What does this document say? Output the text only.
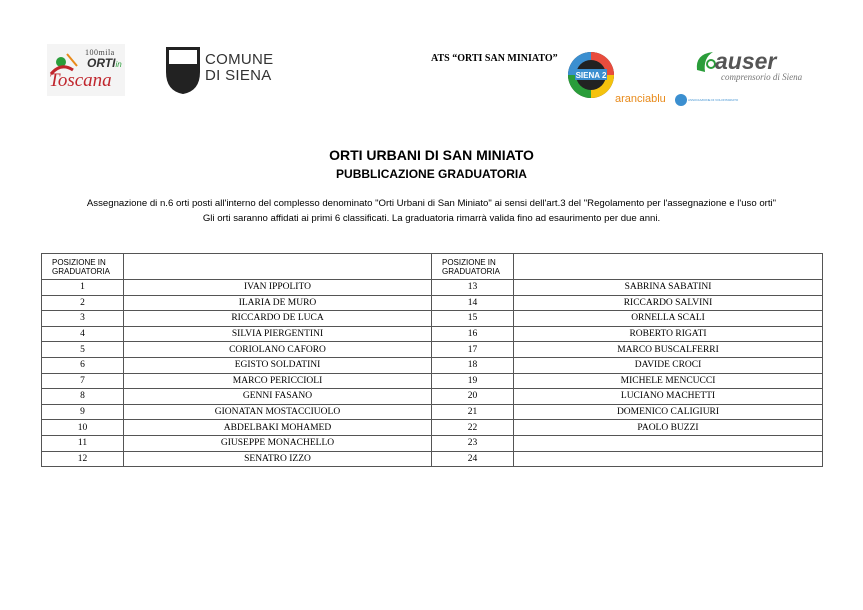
100mila
ORTIin
Toscana
COMUNE
DI SIENA
ATS “ORTI SAN MINIATO”
SIENA 2
auser
comprensorio di Siena
aranciablu	ASSOCIAZIONE DI VOLONTARIATO
ORTI URBANI DI SAN MINIATO
PUBBLICAZIONE GRADUATORIA
Assegnazione di n.6 orti posti all'interno del complesso denominato "Orti Urbani di San Miniato" ai sensi dell'art.3 del "Regolamento per l'assegnazione e l'uso orti"
Gli orti saranno affidati ai primi 6 classificati. La graduatoria rimarrà valida fino ad esaurimento per due anni.
POSIZIONE IN GRADUATORIA		POSIZIONE IN GRADUATORIA	
1	IVAN IPPOLITO	13	SABRINA SABATINI
2	ILARIA DE MURO	14	RICCARDO SALVINI
3	RICCARDO DE LUCA	15	ORNELLA SCALI
4	SILVIA PIERGENTINI	16	ROBERTO RIGATI
5	CORIOLANO CAFORO	17	MARCO BUSCALFERRI
6	EGISTO SOLDATINI	18	DAVIDE CROCI
7	MARCO PERICCIOLI	19	MICHELE MENCUCCI
8	GENNI FASANO	20	LUCIANO MACHETTI
9	GIONATAN MOSTACCIUOLO	21	DOMENICO CALIGIURI
10	ABDELBAKI MOHAMED	22	PAOLO BUZZI
11	GIUSEPPE MONACHELLO	23	
12	SENATRO IZZO	24	
